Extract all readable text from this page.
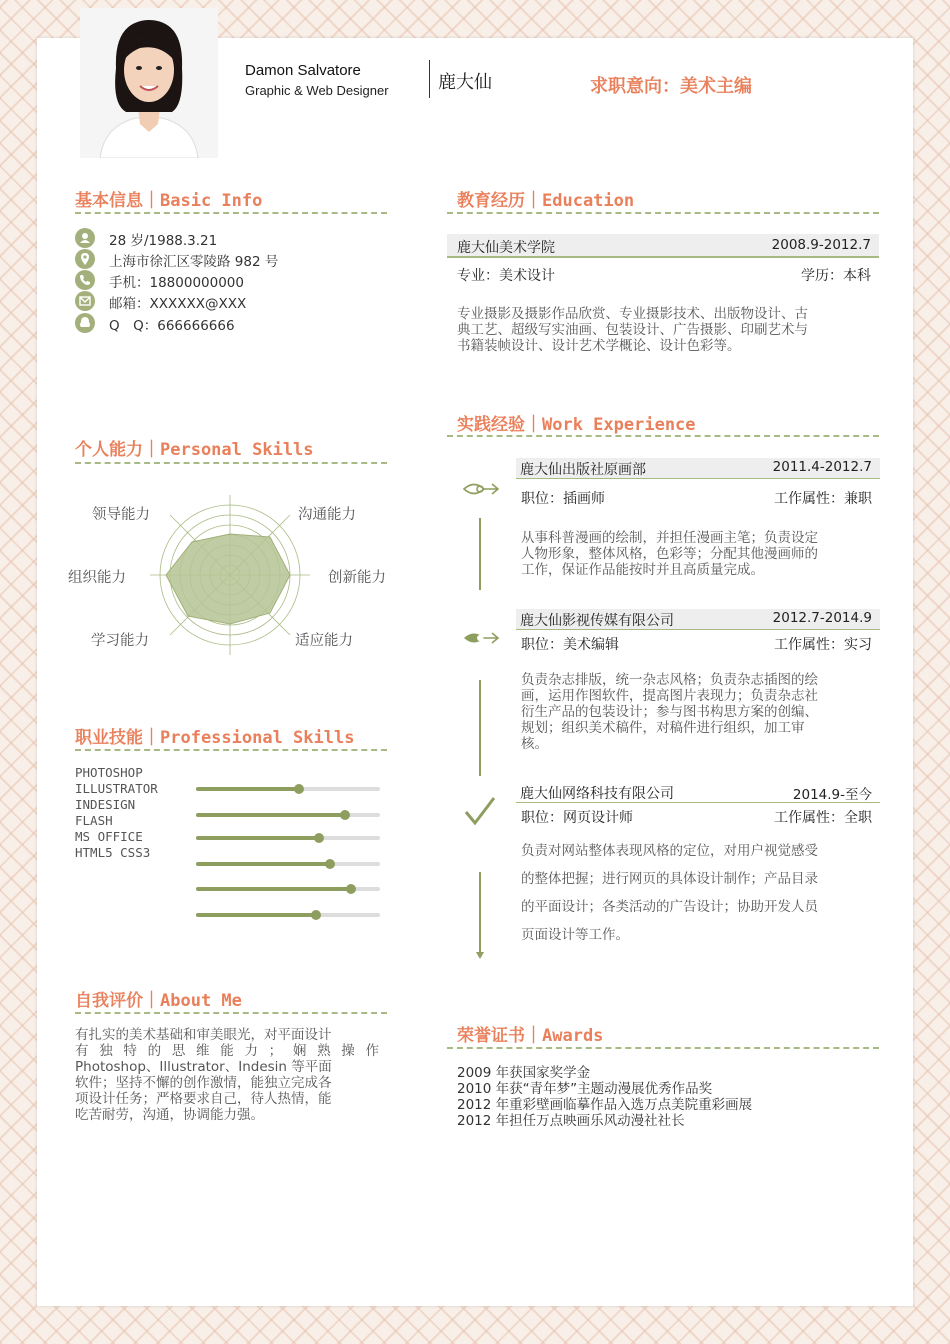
Damon Salvatore
Graphic & Web Designer	鹿大仙	求职意向：美术主编
基本信息｜Basic Info
28 岁/1988.3.21
上海市徐汇区零陵路 982 号
手机：18800000000
邮箱：XXXXXX@XXX
Q　Q：666666666
个人能力｜Personal Skills
领导能力	沟通能力
组织能力	创新能力
学习能力	适应能力
职业技能｜Professional Skills
PHOTOSHOP
ILLUSTRATOR
INDESIGN
FLASH
MS OFFICE
HTML5 CSS3
自我评价｜About Me
有扎实的美术基础和审美眼光，对平面设计
有独特的思维能力；娴熟操作
Photoshop、Illustrator、Indesin 等平面
软件；坚持不懈的创作激情，能独立完成各
项设计任务；严格要求自己，待人热情，能
吃苦耐劳，沟通，协调能力强。
教育经历｜Education
鹿大仙美术学院	2008.9-2012.7
专业：美术设计	学历：本科
专业摄影及摄影作品欣赏、专业摄影技术、出版物设计、古
典工艺、超级写实油画、包装设计、广告摄影、印刷艺术与
书籍装帧设计、设计艺术学概论、设计色彩等。
实践经验｜Work Experience
鹿大仙出版社原画部	2011.4-2012.7
职位：插画师	工作属性：兼职
从事科普漫画的绘制，并担任漫画主笔；负责设定
人物形象，整体风格，色彩等；分配其他漫画师的
工作，保证作品能按时并且高质量完成。
鹿大仙影视传媒有限公司	2012.7-2014.9
职位：美术编辑	工作属性：实习
负责杂志排版，统一杂志风格；负责杂志插图的绘
画，运用作图软件，提高图片表现力；负责杂志社
衍生产品的包装设计；参与图书构思方案的创编、
规划；组织美术稿件，对稿件进行组织，加工审
核。
鹿大仙网络科技有限公司	2014.9-至今
职位：网页设计师	工作属性：全职
负责对网站整体表现风格的定位，对用户视觉感受
的整体把握；进行网页的具体设计制作；产品目录
的平面设计；各类活动的广告设计；协助开发人员
页面设计等工作。
荣誉证书｜Awards
2009 年获国家奖学金
2010 年获“青年梦”主题动漫展优秀作品奖
2012 年重彩壁画临摹作品入选万点美院重彩画展
2012 年担任万点映画乐风动漫社社长
